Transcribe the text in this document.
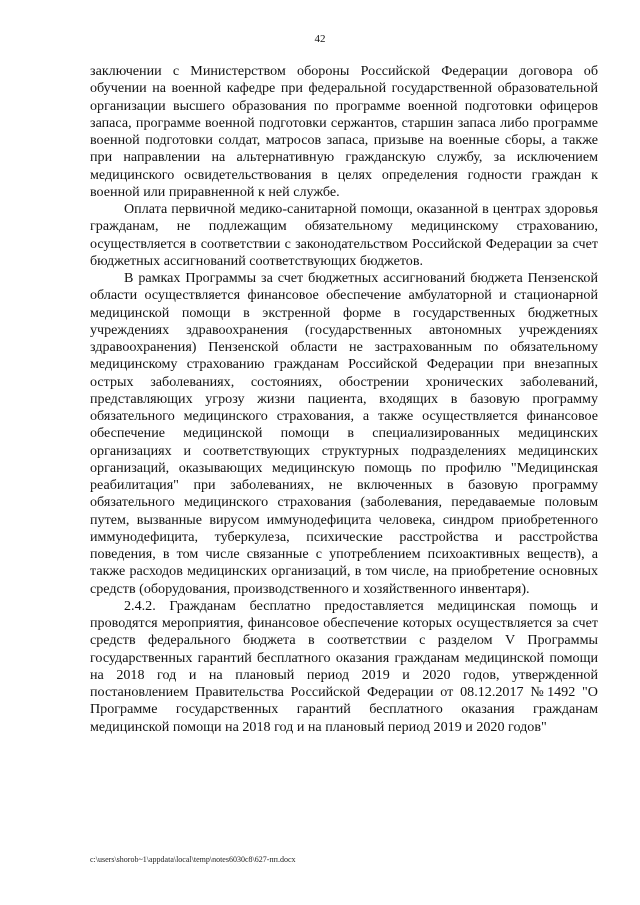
42

заключении с Министерством обороны Российской Федерации договора об обучении на военной кафедре при федеральной государственной образовательной организации высшего образования по программе военной подготовки офицеров запаса, программе военной подготовки сержантов, старшин запаса либо программе военной подготовки солдат, матросов запаса, призыве на военные сборы, а также при направлении на альтернативную гражданскую службу, за исключением медицинского освидетельствования в целях определения годности граждан к военной или приравненной к ней службе.

Оплата первичной медико-санитарной помощи, оказанной в центрах здоровья гражданам, не подлежащим обязательному медицинскому страхованию, осуществляется в соответствии с законодательством Российской Федерации за счет бюджетных ассигнований соответствующих бюджетов.

В рамках Программы за счет бюджетных ассигнований бюджета Пензенской области осуществляется финансовое обеспечение амбулаторной и стационарной медицинской помощи в экстренной форме в государственных бюджетных учреждениях здравоохранения (государственных автономных учреждениях здравоохранения) Пензенской области не застрахованным по обязательному медицинскому страхованию гражданам Российской Федерации при внезапных острых заболеваниях, состояниях, обострении хронических заболеваний, представляющих угрозу жизни пациента, входящих в базовую программу обязательного медицинского страхования, а также осуществляется финансовое обеспечение медицинской помощи в специализированных медицинских организациях и соответствующих структурных подразделениях медицинских организаций, оказывающих медицинскую помощь по профилю "Медицинская реабилитация" при заболеваниях, не включенных в базовую программу обязательного медицинского страхования (заболевания, передаваемые половым путем, вызванные вирусом иммунодефицита человека, синдром приобретенного иммунодефицита, туберкулеза, психические расстройства и расстройства поведения, в том числе связанные с употреблением психоактивных веществ), а также расходов медицинских организаций, в том числе, на приобретение основных средств (оборудования, производственного и хозяйственного инвентаря).

2.4.2. Гражданам бесплатно предоставляется медицинская помощь и проводятся мероприятия, финансовое обеспечение которых осуществляется за счет средств федерального бюджета в соответствии с разделом V Программы государственных гарантий бесплатного оказания гражданам медицинской помощи на 2018 год и на плановый период 2019 и 2020 годов, утвержденной постановлением Правительства Российской Федерации от 08.12.2017 №1492 "О Программе государственных гарантий бесплатного оказания гражданам медицинской помощи на 2018 год и на плановый период 2019 и 2020 годов"

c:\users\shorob~1\appdata\local\temp\notes6030c8\627-пп.docx
